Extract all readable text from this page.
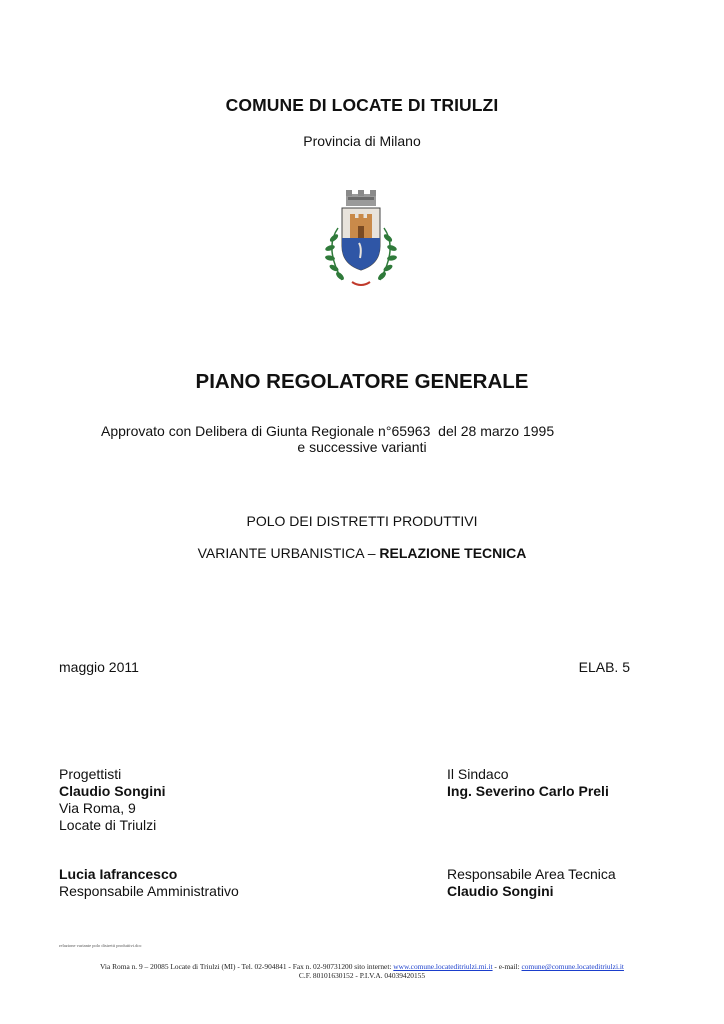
COMUNE DI LOCATE DI TRIULZI
Provincia di Milano
PIANO REGOLATORE GENERALE
Approvato con Delibera di Giunta Regionale n°65963  del 28 marzo 1995
e successive varianti
POLO DEI DISTRETTI PRODUTTIVI
VARIANTE URBANISTICA – RELAZIONE TECNICA
maggio 2011	ELAB. 5
Progettisti
Claudio Songini
Via Roma, 9
Locate di Triulzi
Il Sindaco
Ing. Severino Carlo Preli
Lucia Iafrancesco
Responsabile Amministrativo
Responsabile Area Tecnica
Claudio Songini
relazione variante polo distretti produttivi.doc
Via Roma n. 9 – 20085 Locate di Triulzi (MI) - Tel. 02-904841 - Fax n. 02-90731200 sito internet: www.comune.locateditriulzi.mi.it - e-mail: comune@comune.locateditriulzi.it
C.F. 80101630152 - P.I.V.A. 04039420155
